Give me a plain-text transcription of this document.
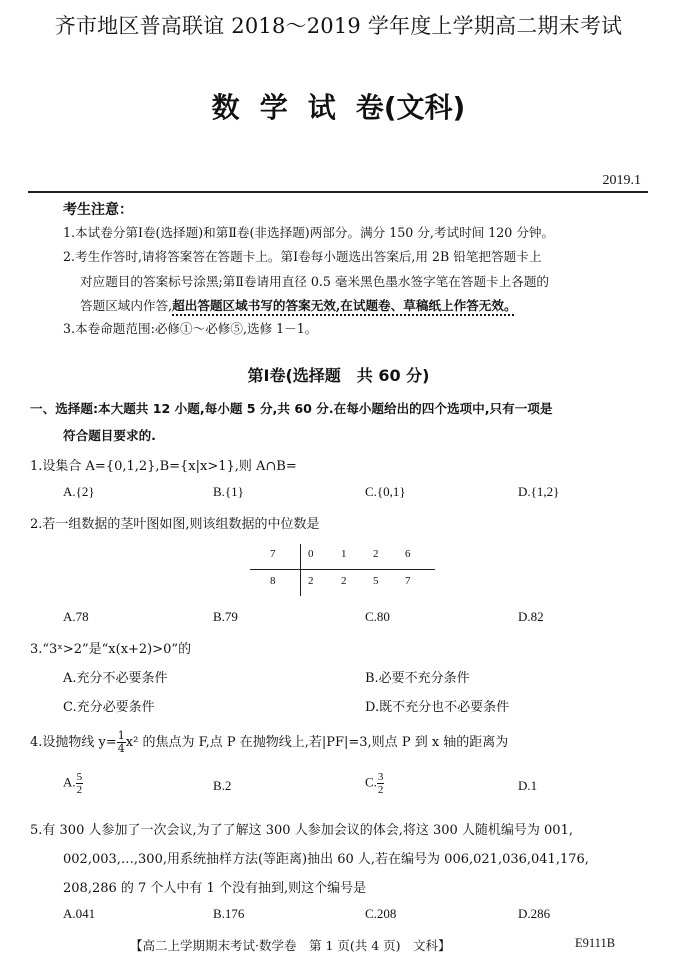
齐市地区普高联谊 2018～2019 学年度上学期高二期末考试
数 学 试 卷(文科)
2019.1
考生注意：
1.本试卷分第Ⅰ卷(选择题)和第Ⅱ卷(非选择题)两部分。满分 150 分,考试时间 120 分钟。
2.考生作答时,请将答案答在答题卡上。第Ⅰ卷每小题选出答案后,用 2B 铅笔把答题卡上
对应题目的答案标号涂黑;第Ⅱ卷请用直径 0.5 毫米黑色墨水签字笔在答题卡上各题的
答题区域内作答,超出答题区域书写的答案无效,在试题卷、草稿纸上作答无效。
3.本卷命题范围:必修①～必修⑤,选修 1－1。
第Ⅰ卷(选择题　共 60 分)
一、选择题:本大题共 12 小题,每小题 5 分,共 60 分.在每小题给出的四个选项中,只有一项是
符合题目要求的.
1.设集合 A={0,1,2},B={x|x>1},则 A∩B=
A.{2}	B.{1}	C.{0,1}	D.{1,2}
2.若一组数据的茎叶图如图,则该组数据的中位数是
7	0	1 2 6
8	2	2 5 7
A.78	B.79	C.80	D.82
3.“3ˣ>2”是“x(x+2)>0”的
A.充分不必要条件	B.必要不充分条件
C.充分必要条件	D.既不充分也不必要条件
4.设抛物线 $y= \frac{1}{4} x^2$ 的焦点为 F,点 P 在抛物线上,若|PF|=3,则点 P 到 x 轴的距离为
A. $\frac{5}{2}$	B.2	C. $\frac{3}{2}$	D.1
5.有 300 人参加了一次会议,为了了解这 300 人参加会议的体会,将这 300 人随机编号为 001,
002,003,…,300,用系统抽样方法(等距离)抽出 60 人,若在编号为 006,021,036,041,176,
208,286 的 7 个人中有 1 个没有抽到,则这个编号是
A.041	B.176	C.208	D.286
【高二上学期期末考试·数学卷　第 1 页(共 4 页)　文科】	E9111B
